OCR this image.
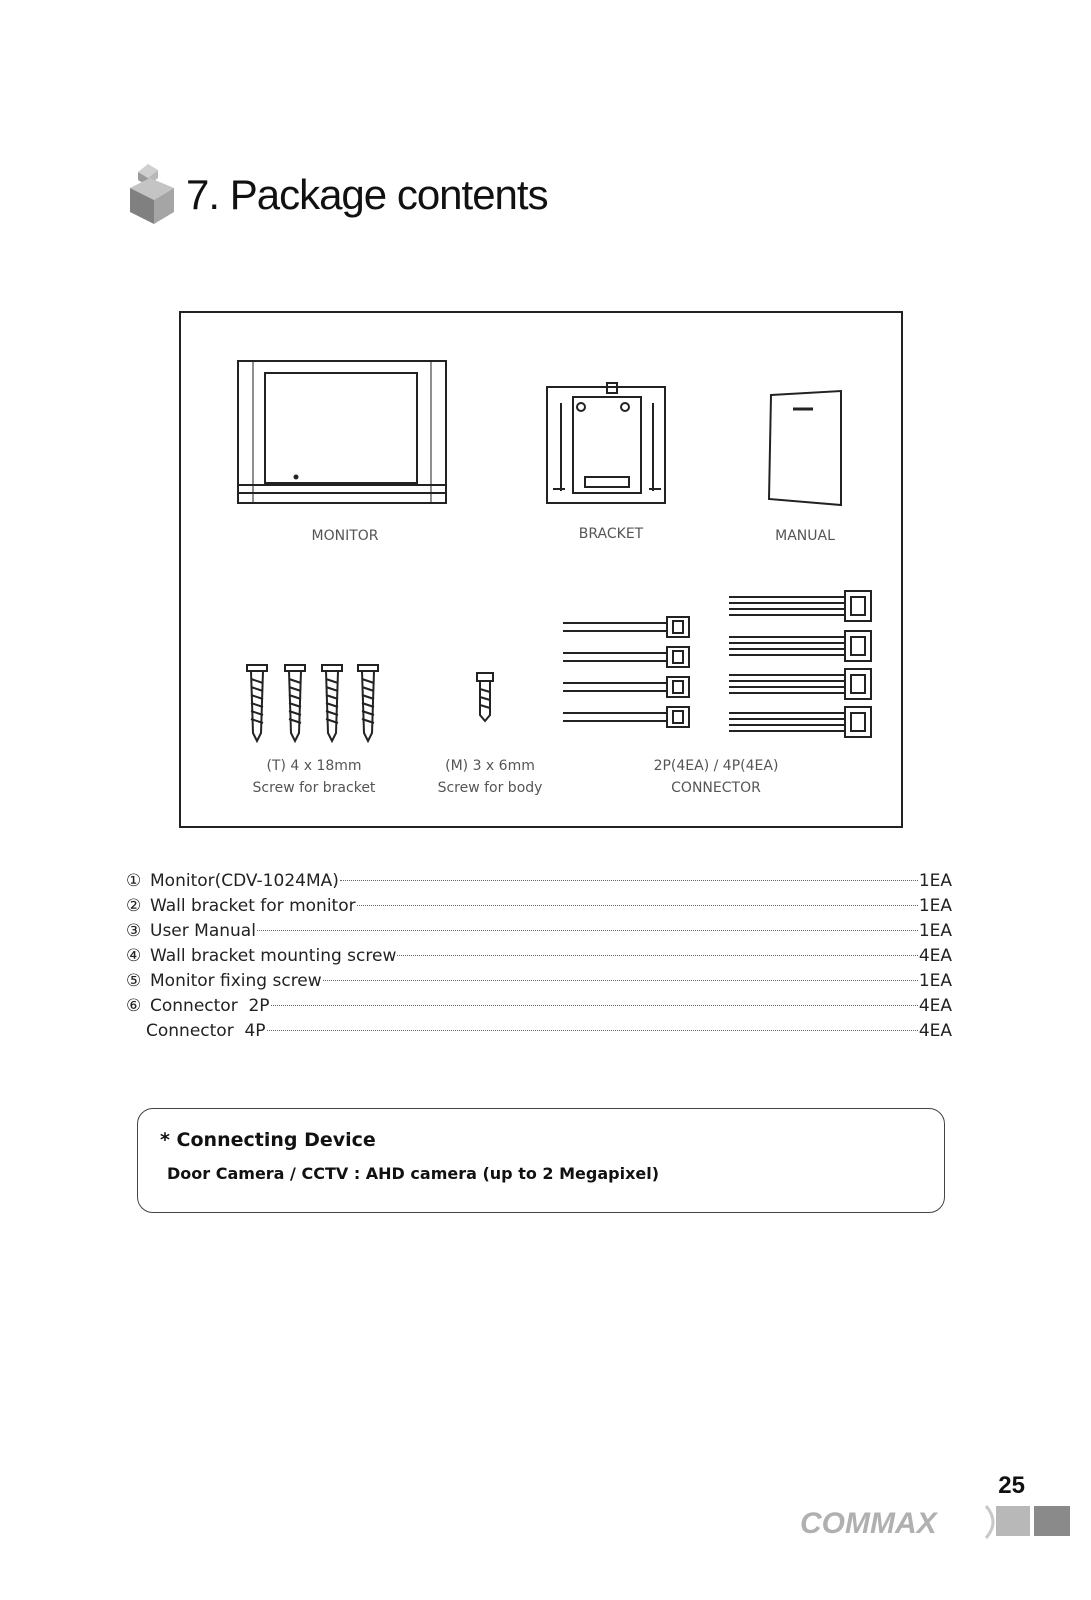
7. Package contents
MONITOR	BRACKET	MANUAL
(T) 4 x 18mm
Screw for bracket
(M) 3 x 6mm
Screw for body
2P(4EA) / 4P(4EA)
CONNECTOR
① Monitor(CDV-1024MA)	1EA
② Wall bracket for monitor	1EA
③ User Manual	1EA
④ Wall bracket mounting screw	4EA
⑤ Monitor fixing screw	1EA
⑥ Connector  2P	4EA
Connector  4P	4EA
* Connecting Device
Door Camera / CCTV : AHD camera (up to 2 Megapixel)
25
COMMAX
